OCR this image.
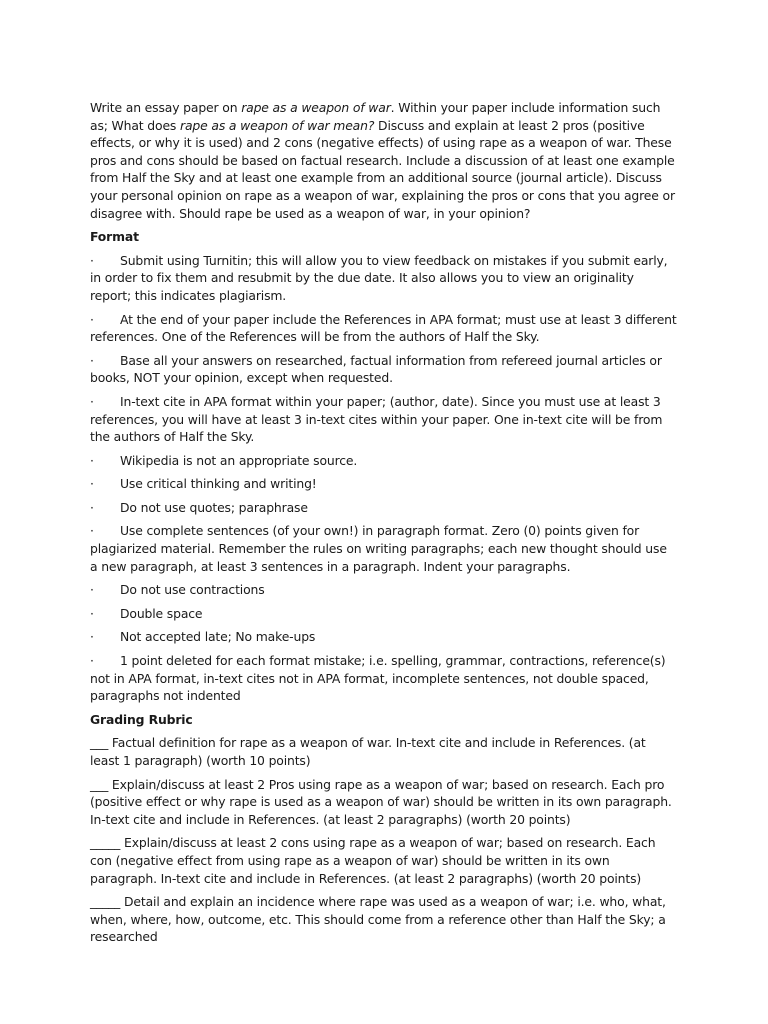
Write an essay paper on rape as a weapon of war. Within your paper include information such as; What does rape as a weapon of war mean? Discuss and explain at least 2 pros (positive effects, or why it is used) and 2 cons (negative effects) of using rape as a weapon of war. These pros and cons should be based on factual research. Include a discussion of at least one example from Half the Sky and at least one example from an additional source (journal article). Discuss your personal opinion on rape as a weapon of war, explaining the pros or cons that you agree or disagree with. Should rape be used as a weapon of war, in your opinion?

Format

· Submit using Turnitin; this will allow you to view feedback on mistakes if you submit early, in order to fix them and resubmit by the due date. It also allows you to view an originality report; this indicates plagiarism.

· At the end of your paper include the References in APA format; must use at least 3 different references. One of the References will be from the authors of Half the Sky.

· Base all your answers on researched, factual information from refereed journal articles or books, NOT your opinion, except when requested.

· In-text cite in APA format within your paper; (author, date). Since you must use at least 3 references, you will have at least 3 in-text cites within your paper. One in-text cite will be from the authors of Half the Sky.

· Wikipedia is not an appropriate source.

· Use critical thinking and writing!

· Do not use quotes; paraphrase

· Use complete sentences (of your own!) in paragraph format. Zero (0) points given for plagiarized material. Remember the rules on writing paragraphs; each new thought should use a new paragraph, at least 3 sentences in a paragraph. Indent your paragraphs.

· Do not use contractions

· Double space

· Not accepted late; No make-ups

· 1 point deleted for each format mistake; i.e. spelling, grammar, contractions, reference(s) not in APA format, in-text cites not in APA format, incomplete sentences, not double spaced, paragraphs not indented

Grading Rubric

___ Factual definition for rape as a weapon of war. In-text cite and include in References. (at least 1 paragraph) (worth 10 points)

___ Explain/discuss at least 2 Pros using rape as a weapon of war; based on research. Each pro (positive effect or why rape is used as a weapon of war) should be written in its own paragraph. In-text cite and include in References. (at least 2 paragraphs) (worth 20 points)

_____ Explain/discuss at least 2 cons using rape as a weapon of war; based on research. Each con (negative effect from using rape as a weapon of war) should be written in its own paragraph. In-text cite and include in References. (at least 2 paragraphs) (worth 20 points)

_____ Detail and explain an incidence where rape was used as a weapon of war; i.e. who, what, when, where, how, outcome, etc. This should come from a reference other than Half the Sky; a researched
